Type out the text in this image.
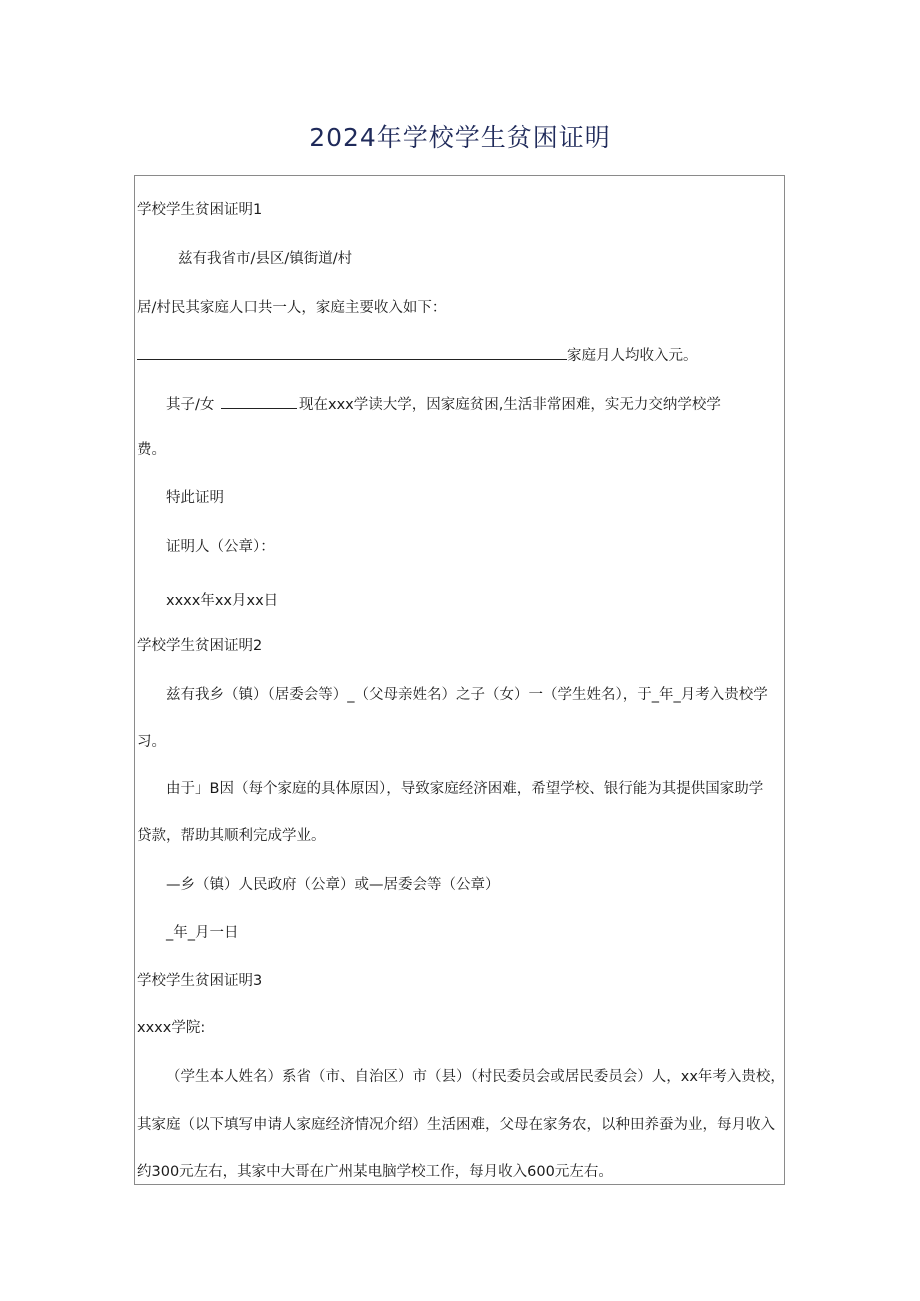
2024年学校学生贫困证明
学校学生贫困证明1
兹有我省市/县区/镇街道/村
居/村民其家庭人口共一人，家庭主要收入如下：
家庭月人均收入元。
其子/女	现在xxx学读大学，因家庭贫困,生活非常困难，实无力交纳学校学
费。
特此证明
证明人（公章）：
xxxx年xx月xx日
学校学生贫困证明2
兹有我乡（镇）（居委会等）_（父母亲姓名）之子（女）一（学生姓名），于_年_月考入贵校学
习。
由于」B因（每个家庭的具体原因），导致家庭经济困难，希望学校、银行能为其提供国家助学
贷款，帮助其顺利完成学业。
—乡（镇）人民政府（公章）或—居委会等（公章）
_年_月一日
学校学生贫困证明3
xxxx学院:
（学生本人姓名）系省（市、自治区）市（县）（村民委员会或居民委员会）人，xx年考入贵校，
其家庭（以下填写申请人家庭经济情况介绍）生活困难，父母在家务农，以种田养蚕为业，每月收入
约300元左右，其家中大哥在广州某电脑学校工作，每月收入600元左右。
